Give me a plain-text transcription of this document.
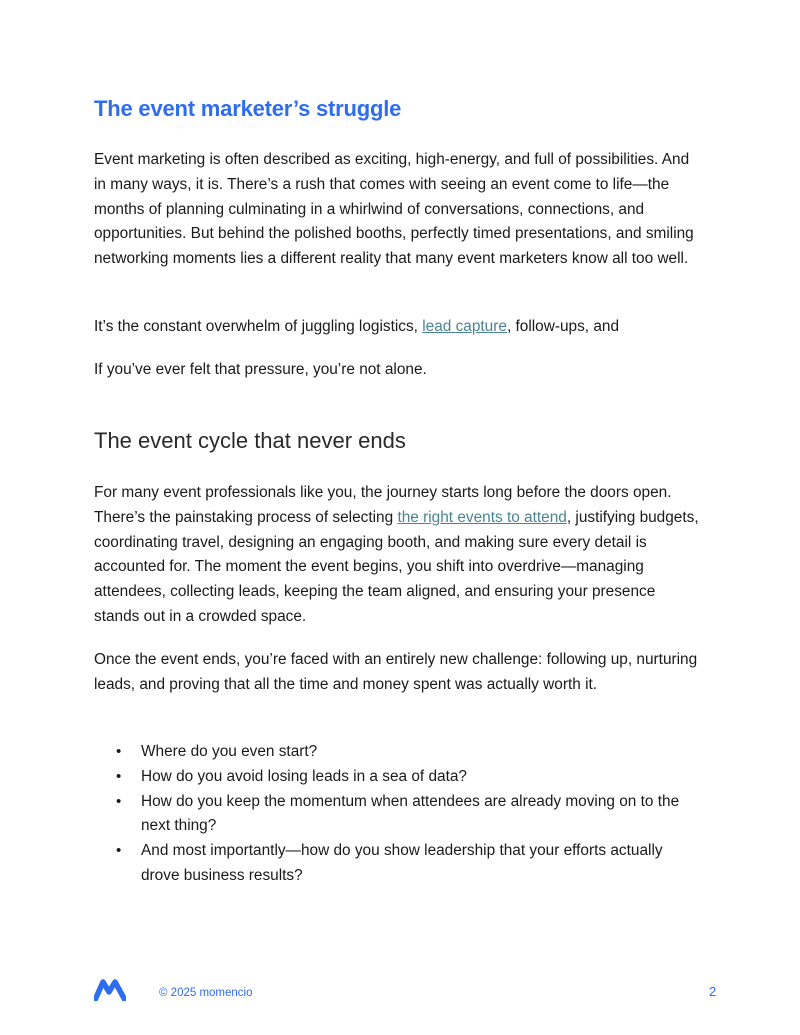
The event marketer’s struggle

Event marketing is often described as exciting, high-energy, and full of possibilities. And in many ways, it is. There’s a rush that comes with seeing an event come to life—the months of planning culminating in a whirlwind of conversations, connections, and opportunities. But behind the polished booths, perfectly timed presentations, and smiling networking moments lies a different reality that many event marketers know all too well.

It’s the constant overwhelm of juggling logistics, lead capture, follow-ups, and

If you’ve ever felt that pressure, you’re not alone.

The event cycle that never ends

For many event professionals like you, the journey starts long before the doors open. There’s the painstaking process of selecting the right events to attend, justifying budgets, coordinating travel, designing an engaging booth, and making sure every detail is accounted for. The moment the event begins, you shift into overdrive—managing attendees, collecting leads, keeping the team aligned, and ensuring your presence stands out in a crowded space.

Once the event ends, you’re faced with an entirely new challenge: following up, nurturing leads, and proving that all the time and money spent was actually worth it.

• Where do you even start?
• How do you avoid losing leads in a sea of data?
• How do you keep the momentum when attendees are already moving on to the next thing?
• And most importantly—how do you show leadership that your efforts actually drove business results?
© 2025 momencio	2
